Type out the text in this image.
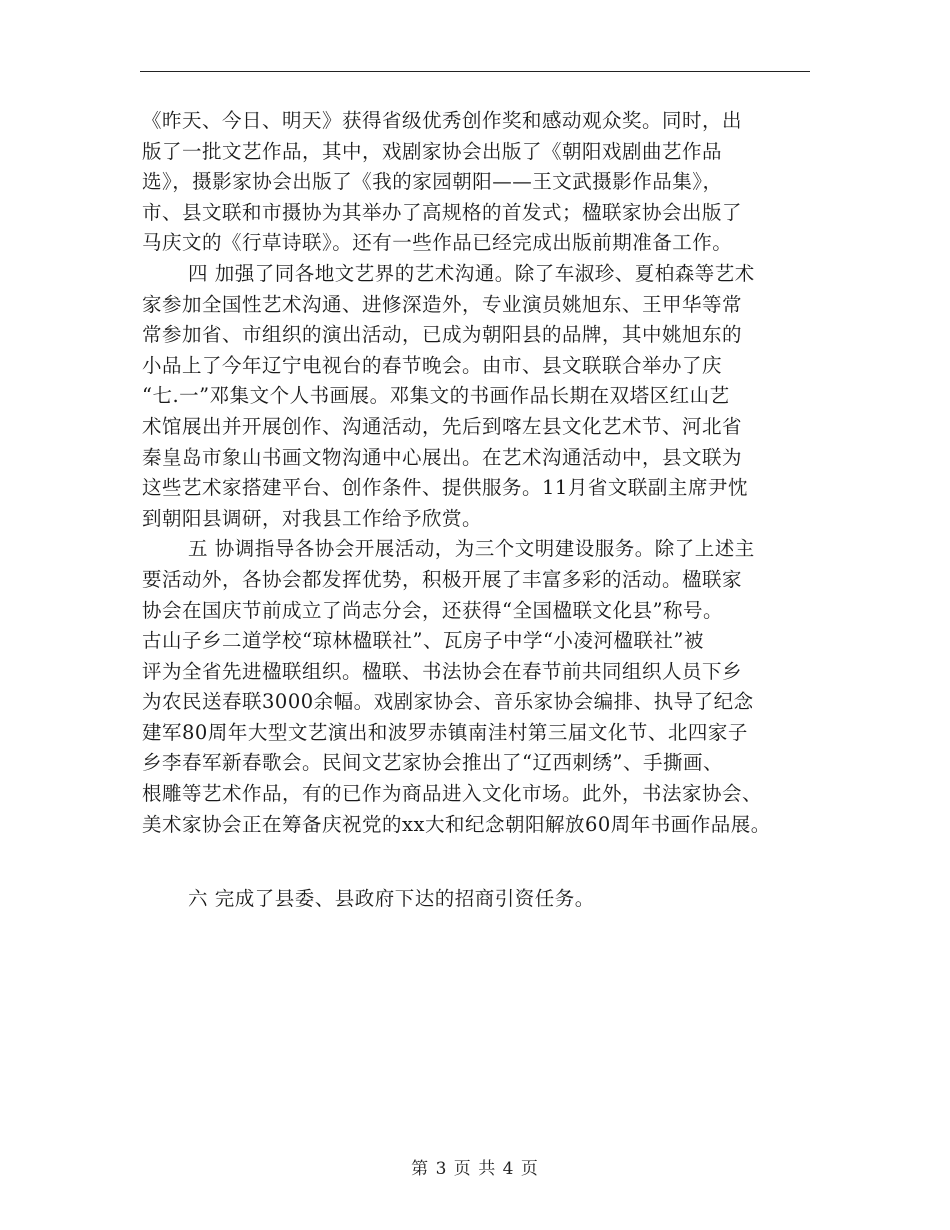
《昨天、今日、明天》获得省级优秀创作奖和感动观众奖。同时，出
版了一批文艺作品，其中，戏剧家协会出版了《朝阳戏剧曲艺作品
选》，摄影家协会出版了《我的家园朝阳——王文武摄影作品集》，
市、县文联和市摄协为其举办了高规格的首发式；楹联家协会出版了
马庆文的《行草诗联》。还有一些作品已经完成出版前期准备工作。
四 加强了同各地文艺界的艺术沟通。除了车淑珍、夏柏森等艺术
家参加全国性艺术沟通、进修深造外，专业演员姚旭东、王甲华等常
常参加省、市组织的演出活动，已成为朝阳县的品牌，其中姚旭东的
小品上了今年辽宁电视台的春节晚会。由市、县文联联合举办了庆
“七.一”邓集文个人书画展。邓集文的书画作品长期在双塔区红山艺
术馆展出并开展创作、沟通活动，先后到喀左县文化艺术节、河北省
秦皇岛市象山书画文物沟通中心展出。在艺术沟通活动中，县文联为
这些艺术家搭建平台、创作条件、提供服务。11月省文联副主席尹忱
到朝阳县调研，对我县工作给予欣赏。
五 协调指导各协会开展活动，为三个文明建设服务。除了上述主
要活动外，各协会都发挥优势，积极开展了丰富多彩的活动。楹联家
协会在国庆节前成立了尚志分会，还获得“全国楹联文化县”称号。
古山子乡二道学校“琼林楹联社”、瓦房子中学“小凌河楹联社”被
评为全省先进楹联组织。楹联、书法协会在春节前共同组织人员下乡
为农民送春联3000余幅。戏剧家协会、音乐家协会编排、执导了纪念
建军80周年大型文艺演出和波罗赤镇南洼村第三届文化节、北四家子
乡李春军新春歌会。民间文艺家协会推出了“辽西刺绣”、手撕画、
根雕等艺术作品，有的已作为商品进入文化市场。此外，书法家协会、
美术家协会正在筹备庆祝党的xx大和纪念朝阳解放60周年书画作品展。
六 完成了县委、县政府下达的招商引资任务。
第 3 页 共 4 页
